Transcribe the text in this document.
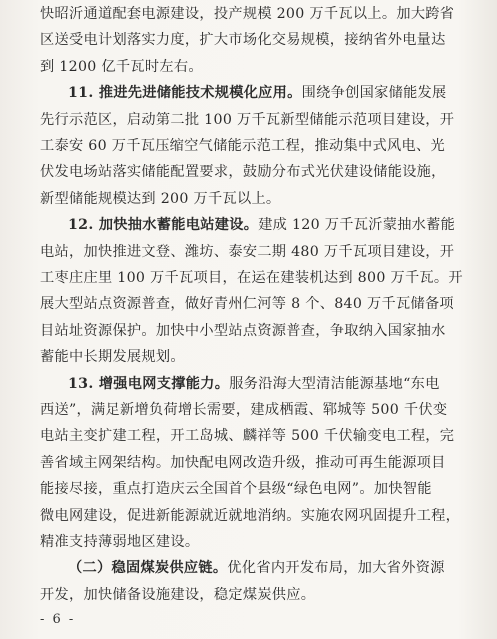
快昭沂通道配套电源建设，投产规模 200 万千瓦以上。加大跨省
区送受电计划落实力度，扩大市场化交易规模，接纳省外电量达
到 1200 亿千瓦时左右。
11. 推进先进储能技术规模化应用。围绕争创国家储能发展
先行示范区，启动第二批 100 万千瓦新型储能示范项目建设，开
工泰安 60 万千瓦压缩空气储能示范工程，推动集中式风电、光
伏发电场站落实储能配置要求，鼓励分布式光伏建设储能设施，
新型储能规模达到 200 万千瓦以上。
12. 加快抽水蓄能电站建设。建成 120 万千瓦沂蒙抽水蓄能
电站，加快推进文登、潍坊、泰安二期 480 万千瓦项目建设，开
工枣庄庄里 100 万千瓦项目，在运在建装机达到 800 万千瓦。开
展大型站点资源普查，做好青州仁河等 8 个、840 万千瓦储备项
目站址资源保护。加快中小型站点资源普查，争取纳入国家抽水
蓄能中长期发展规划。
13. 增强电网支撑能力。服务沿海大型清洁能源基地“东电
西送”，满足新增负荷增长需要，建成栖霞、郓城等 500 千伏变
电站主变扩建工程，开工岛城、麟祥等 500 千伏输变电工程，完
善省域主网架结构。加快配电网改造升级，推动可再生能源项目
能接尽接，重点打造庆云全国首个县级“绿色电网”。加快智能
微电网建设，促进新能源就近就地消纳。实施农网巩固提升工程，
精准支持薄弱地区建设。
（二）稳固煤炭供应链。优化省内开发布局，加大省外资源
开发，加快储备设施建设，稳定煤炭供应。
- 6 -
